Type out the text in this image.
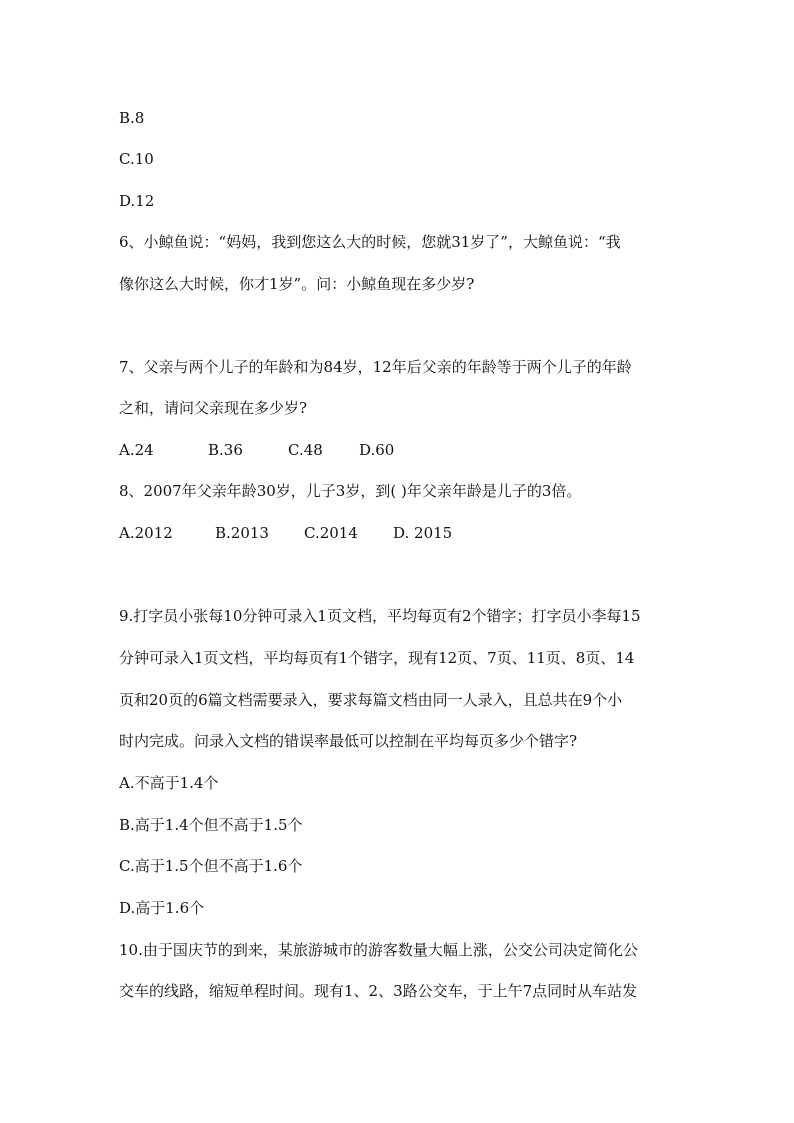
B.8
C.10
D.12
6、小鲸鱼说：“妈妈，我到您这么大的时候，您就31岁了”，大鲸鱼说：“我
像你这么大时候，你才1岁”。问：小鲸鱼现在多少岁?
7、父亲与两个儿子的年龄和为84岁，12年后父亲的年龄等于两个儿子的年龄
之和，请问父亲现在多少岁?
A.24	B.36	C.48 D.60
8、2007年父亲年龄30岁，儿子3岁，到( )年父亲年龄是儿子的3倍。
A.2012	B.2013 C.2014 D. 2015
9.打字员小张每10分钟可录入1页文档，平均每页有2个错字；打字员小李每15
分钟可录入1页文档，平均每页有1个错字，现有12页、7页、11页、8页、14
页和20页的6篇文档需要录入，要求每篇文档由同一人录入，且总共在9个小
时内完成。问录入文档的错误率最低可以控制在平均每页多少个错字?
A.不高于1.4个
B.高于1.4个但不高于1.5个
C.高于1.5个但不高于1.6个
D.高于1.6个
10.由于国庆节的到来，某旅游城市的游客数量大幅上涨，公交公司决定简化公
交车的线路，缩短单程时间。现有1、2、3路公交车，于上午7点同时从车站发
